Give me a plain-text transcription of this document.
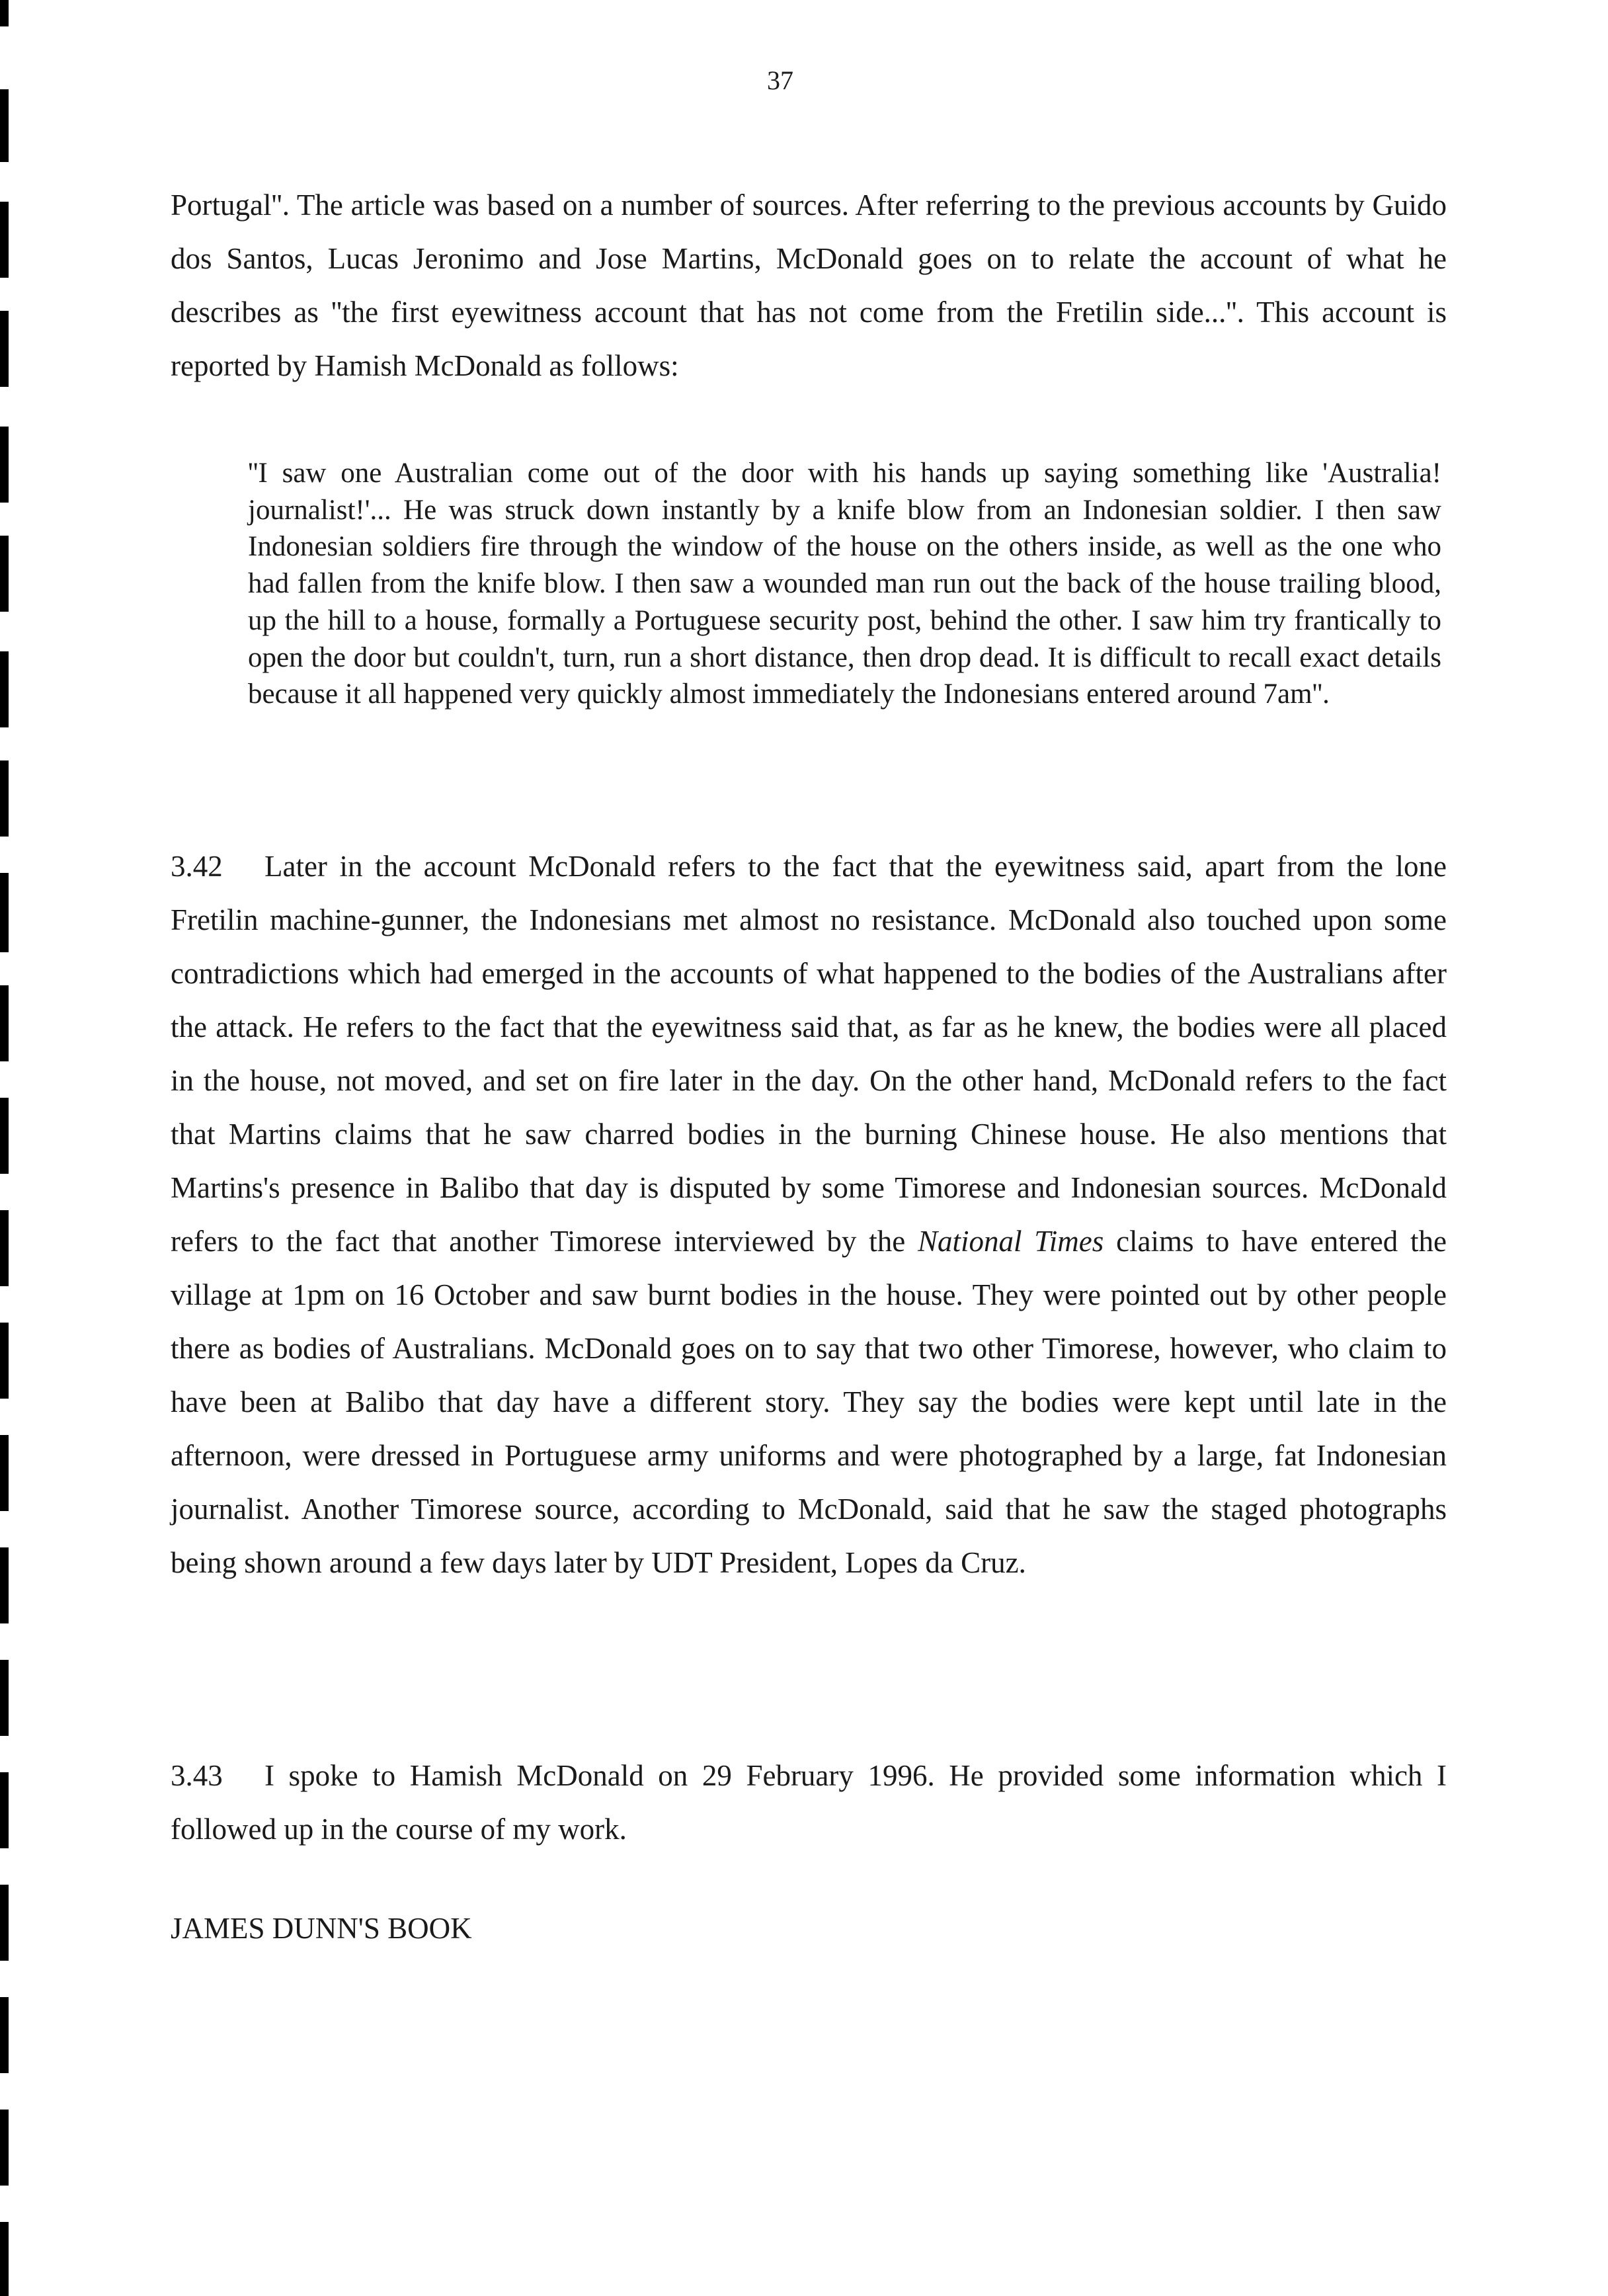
37

Portugal''. The article was based on a number of sources. After referring to the previous accounts by Guido dos Santos, Lucas Jeronimo and Jose Martins, McDonald goes on to relate the account of what he describes as ''the first eyewitness account that has not come from the Fretilin side...''. This account is reported by Hamish McDonald as follows:

''I saw one Australian come out of the door with his hands up saying something like 'Australia! journalist!'... He was struck down instantly by a knife blow from an Indonesian soldier. I then saw Indonesian soldiers fire through the window of the house on the others inside, as well as the one who had fallen from the knife blow. I then saw a wounded man run out the back of the house trailing blood, up the hill to a house, formally a Portuguese security post, behind the other. I saw him try frantically to open the door but couldn't, turn, run a short distance, then drop dead. It is difficult to recall exact details because it all happened very quickly almost immediately the Indonesians entered around 7am''.

3.42 Later in the account McDonald refers to the fact that the eyewitness said, apart from the lone Fretilin machine-gunner, the Indonesians met almost no resistance. McDonald also touched upon some contradictions which had emerged in the accounts of what happened to the bodies of the Australians after the attack. He refers to the fact that the eyewitness said that, as far as he knew, the bodies were all placed in the house, not moved, and set on fire later in the day. On the other hand, McDonald refers to the fact that Martins claims that he saw charred bodies in the burning Chinese house. He also mentions that Martins's presence in Balibo that day is disputed by some Timorese and Indonesian sources. McDonald refers to the fact that another Timorese interviewed by the National Times claims to have entered the village at 1pm on 16 October and saw burnt bodies in the house. They were pointed out by other people there as bodies of Australians. McDonald goes on to say that two other Timorese, however, who claim to have been at Balibo that day have a different story. They say the bodies were kept until late in the afternoon, were dressed in Portuguese army uniforms and were photographed by a large, fat Indonesian journalist. Another Timorese source, according to McDonald, said that he saw the staged photographs being shown around a few days later by UDT President, Lopes da Cruz.

3.43 I spoke to Hamish McDonald on 29 February 1996. He provided some information which I followed up in the course of my work.

JAMES DUNN'S BOOK
